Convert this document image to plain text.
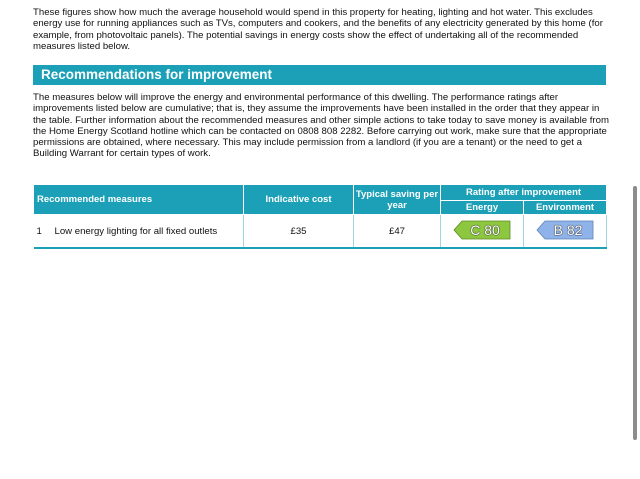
These figures show how much the average household would spend in this property for heating, lighting and hot water. This excludes energy use for running appliances such as TVs, computers and cookers, and the benefits of any electricity generated by this home (for example, from photovoltaic panels). The potential savings in energy costs show the effect of undertaking all of the recommended measures listed below.

Recommendations for improvement

The measures below will improve the energy and environmental performance of this dwelling. The performance ratings after improvements listed below are cumulative; that is, they assume the improvements have been installed in the order that they appear in the table. Further information about the recommended measures and other simple actions to take today to save money is available from the Home Energy Scotland hotline which can be contacted on 0808 808 2282. Before carrying out work, make sure that the appropriate permissions are obtained, where necessary. This may include permission from a landlord (if you are a tenant) or the need to get a Building Warrant for certain types of work.

Recommended measures	Indicative cost	Typical saving per year	Rating after improvement	
			Energy	Environment
1 Low energy lighting for all fixed outlets	£35	£47	C 80	B 82
